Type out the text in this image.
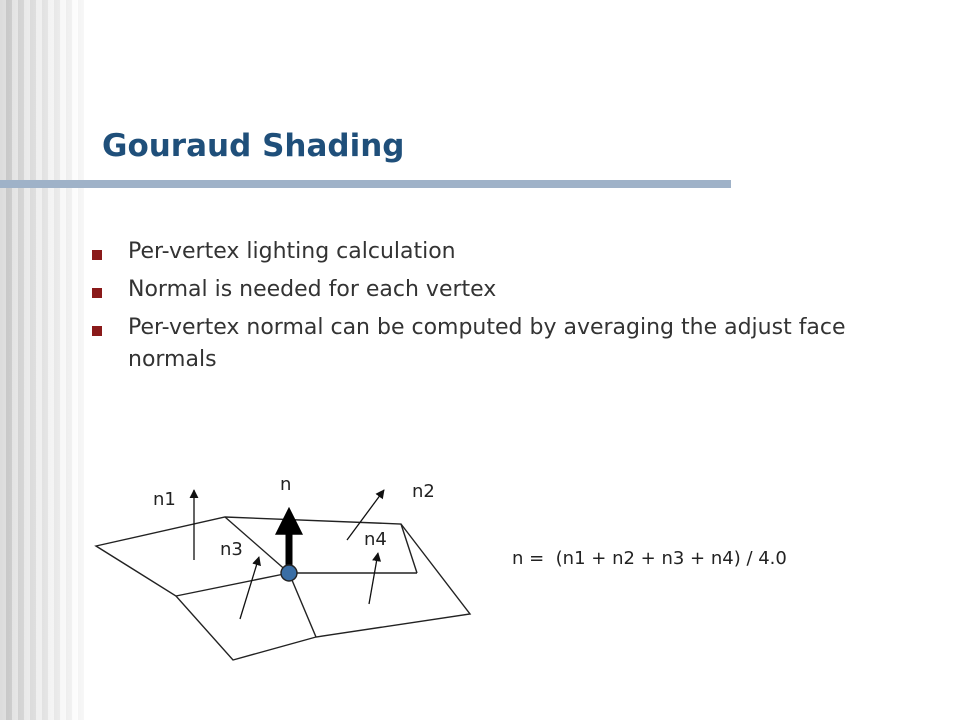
Gouraud Shading
Per-vertex lighting calculation
Normal is needed for each vertex
Per-vertex normal can be computed by averaging the adjust face normals
n
n1	n2
n3	n4

n =  (n1 + n2 + n3 + n4) / 4.0
